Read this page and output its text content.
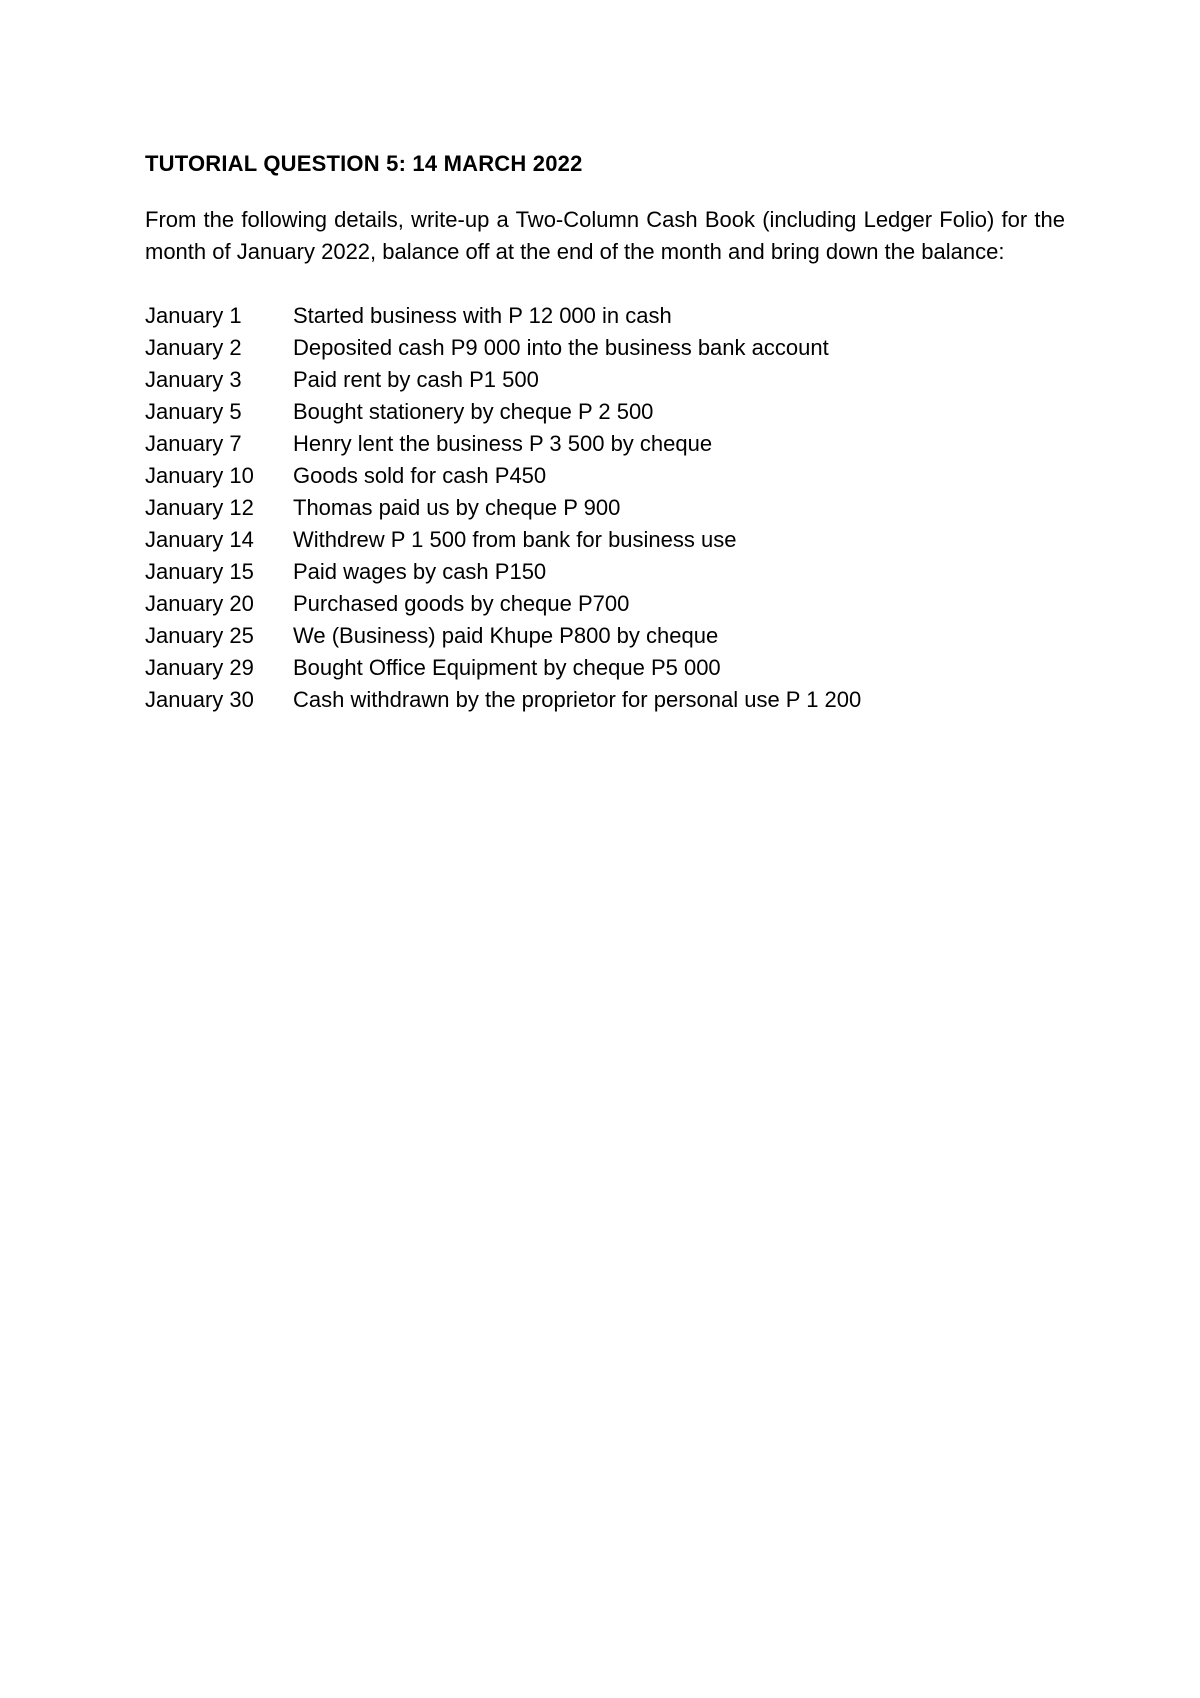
TUTORIAL QUESTION 5: 14 MARCH 2022
From the following details, write-up a Two-Column Cash Book (including Ledger Folio) for the month of January 2022, balance off at the end of the month and bring down the balance:
January 1	Started business with P 12 000 in cash
January 2	Deposited cash P9 000 into the business bank account
January 3	Paid rent by cash P1 500
January 5	Bought stationery by cheque P 2 500
January 7	Henry lent the business P 3 500 by cheque
January 10	Goods sold for cash P450
January 12	Thomas paid us by cheque P 900
January 14	Withdrew P 1 500 from bank for business use
January 15	Paid wages by cash P150
January 20	Purchased goods by cheque P700
January 25	We (Business) paid Khupe P800 by cheque
January 29	Bought Office Equipment by cheque P5 000
January 30	Cash withdrawn by the proprietor for personal use P 1 200
